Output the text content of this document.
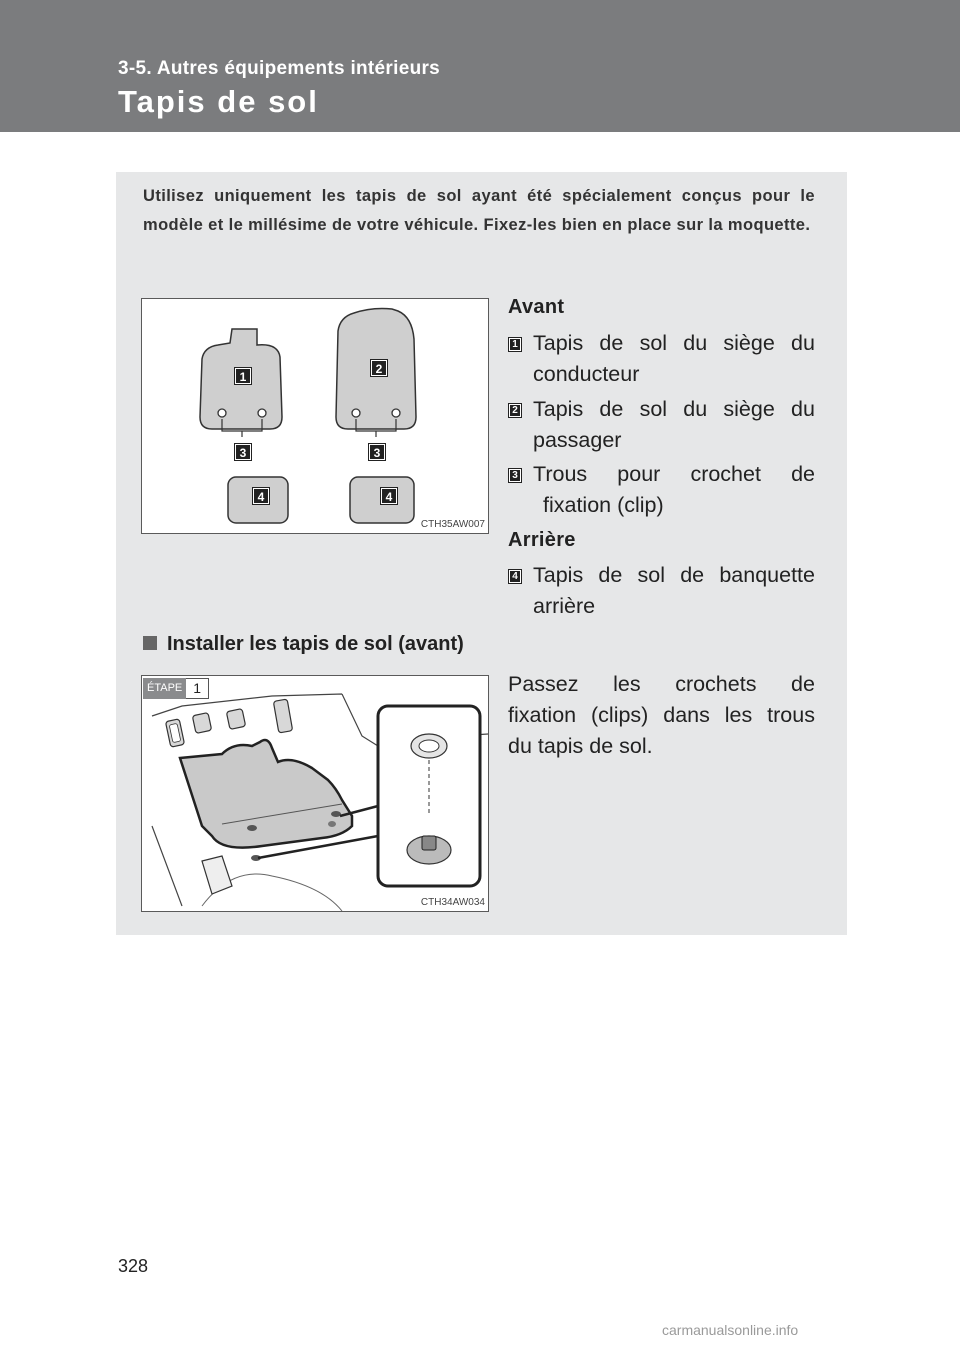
3-5. Autres équipements intérieurs
Tapis de sol
Utilisez uniquement les tapis de sol ayant été spécialement conçus pour le modèle et le millésime de votre véhicule. Fixez-les bien en place sur la moquette.
1
2
3	3
4	4
CTH35AW007
Avant
1 Tapis de sol du siège du
conducteur
2 Tapis de sol du siège du
passager
3 Trous pour crochet de
fixation (clip)
Arrière
4 Tapis de sol de banquette
arrière
Installer les tapis de sol (avant)
CTH34AW034
ÉTAPE 1	Passez les crochets de
fixation (clips) dans les trous
du tapis de sol.
328
carmanualsonline.info
